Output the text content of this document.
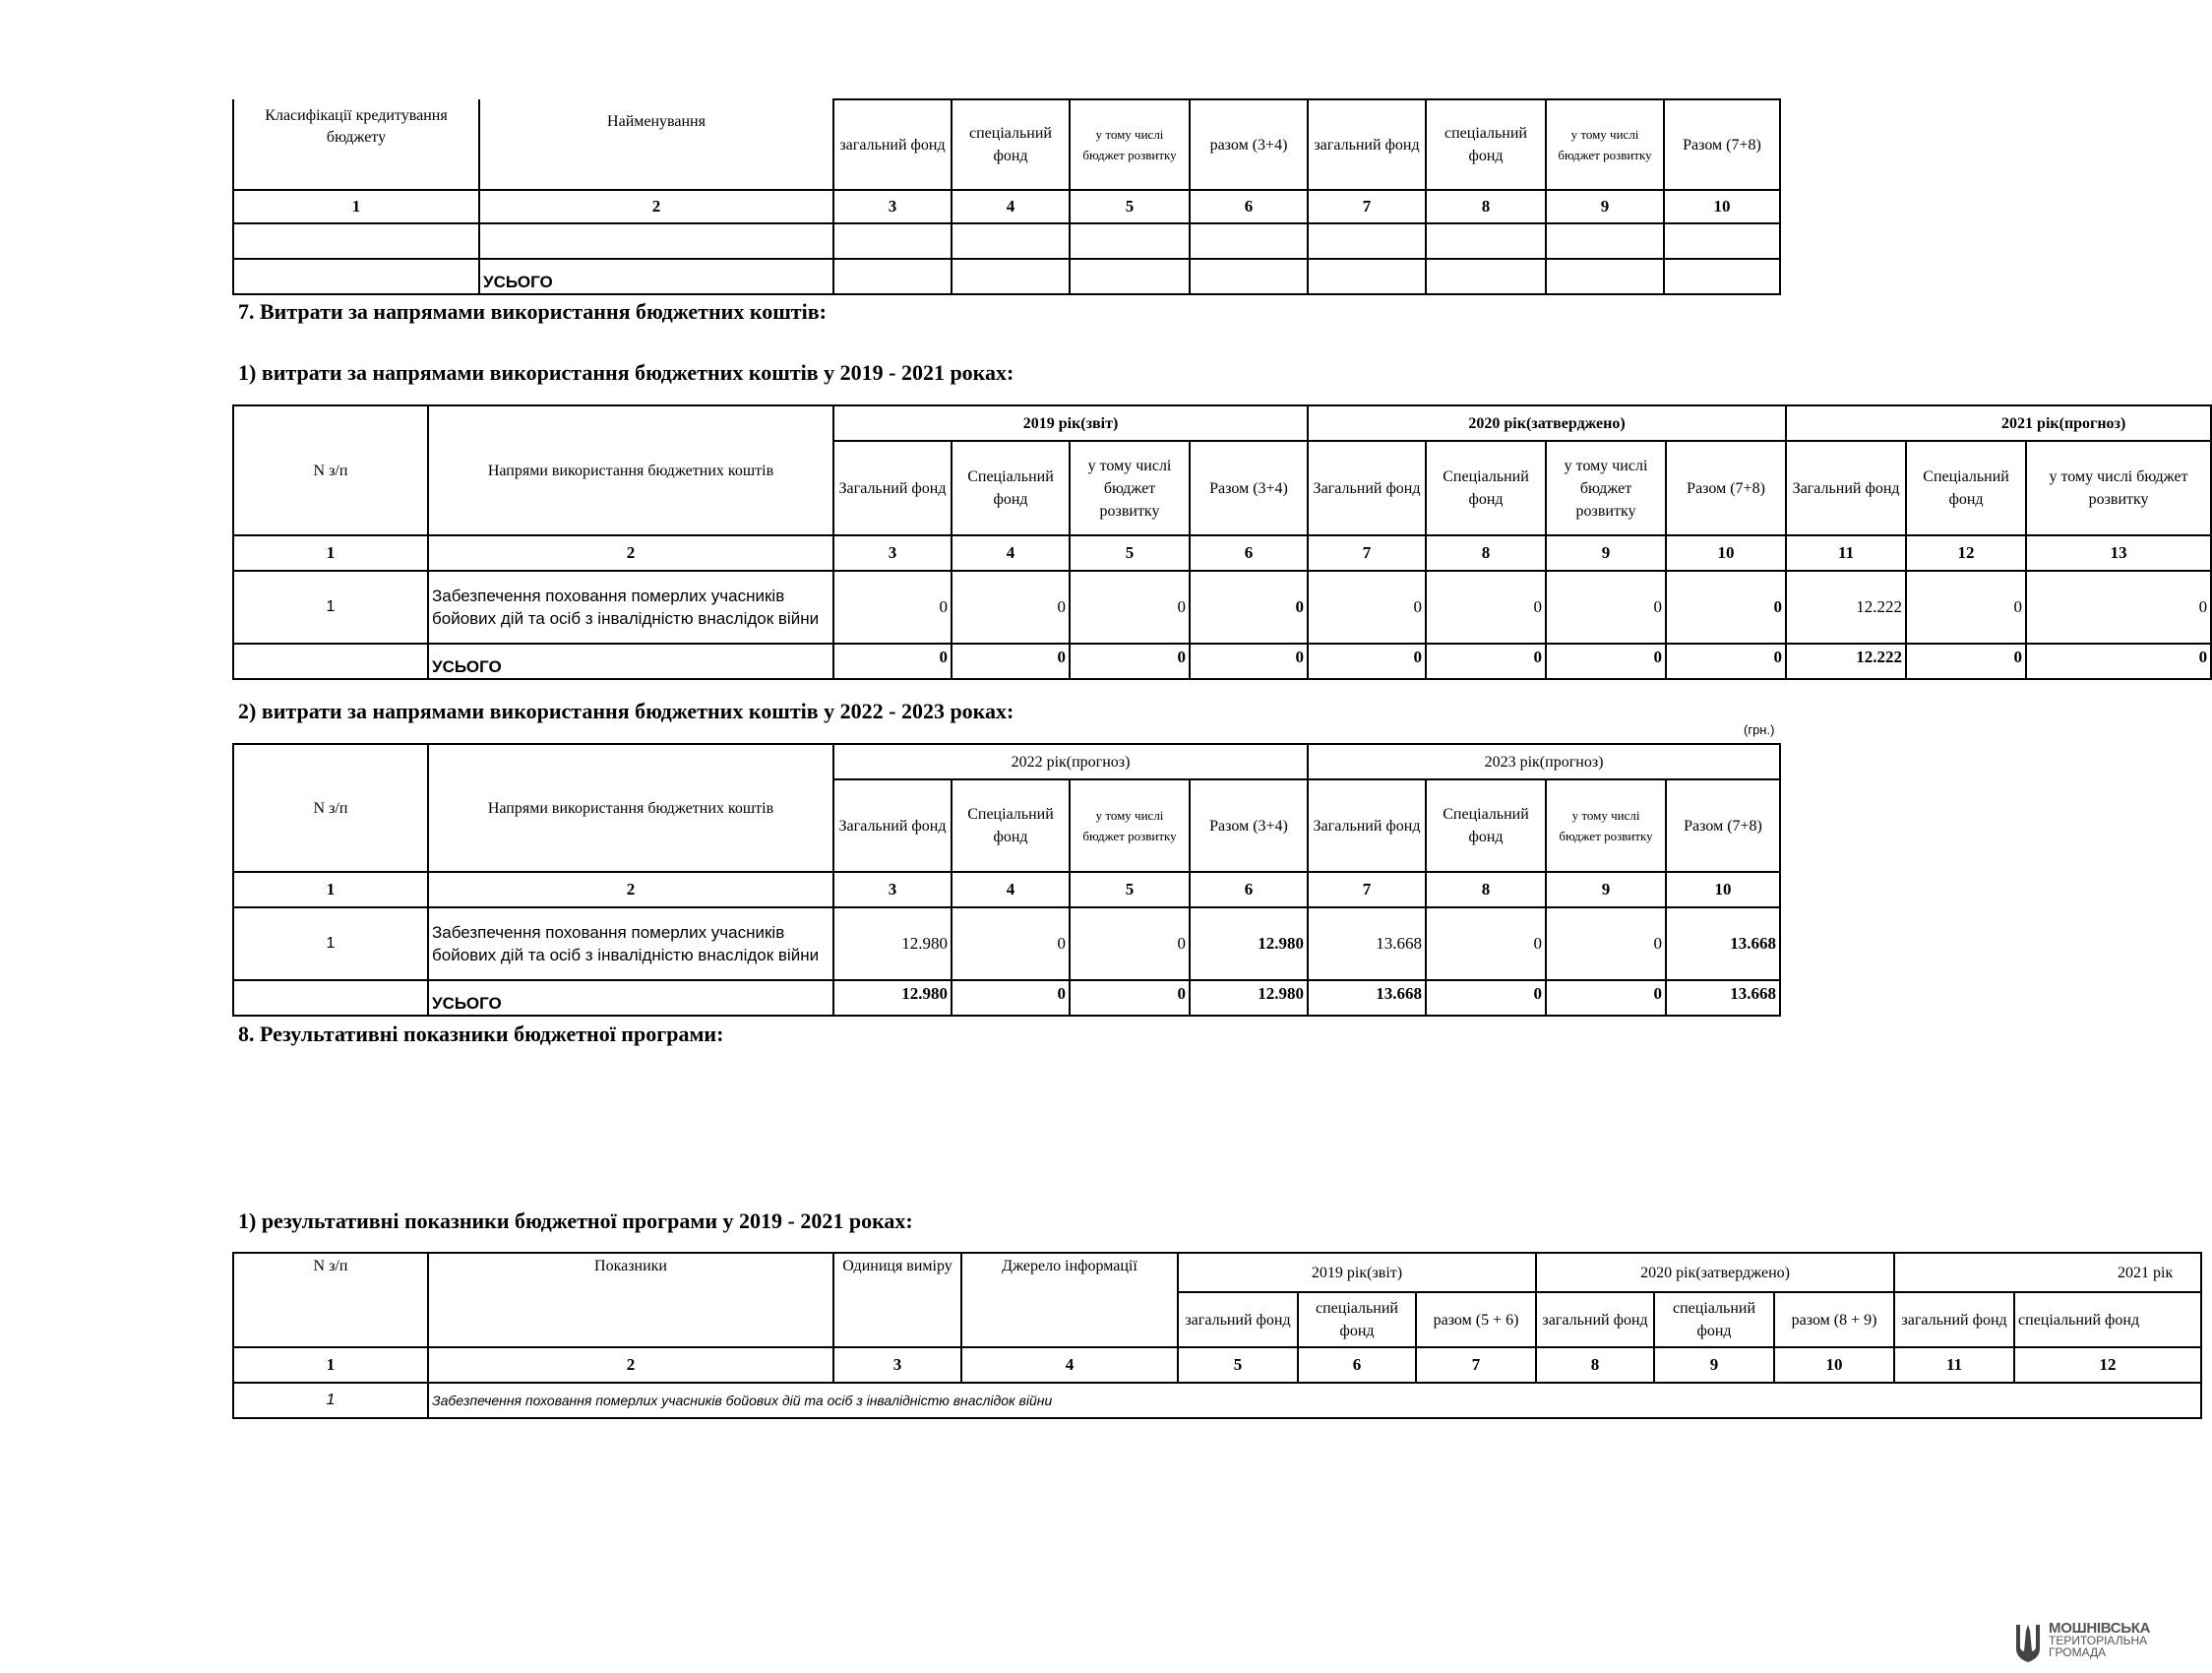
Класифікації кредитування бюджету	Найменування	загальний фонд	спеціальний фонд	у тому числі бюджет розвитку	разом (3+4)	загальний фонд	спеціальний фонд	у тому числі бюджет розвитку	Разом (7+8)
1	2	3	4	5	6	7	8	9	10

	УСЬОГО								
7. Витрати за напрямами використання бюджетних коштів:
1) витрати за напрямами використання бюджетних коштів у 2019 - 2021 роках:
N з/п	Напрями використання бюджетних коштів	2019 рік(звіт)				2020 рік(затверджено)				2021 рік(прогноз)		
		Загальний фонд	Спеціальний фонд	у тому числі бюджет розвитку	Разом (3+4)	Загальний фонд	Спеціальний фонд	у тому числі бюджет розвитку	Разом (7+8)	Загальний фонд	Спеціальний фонд	у тому числі бюджет розвитку
1	2	3	4	5	6	7	8	9	10	11	12	13
1	Забезпечення поховання померлих учасників бойових дій та осіб з інвалідністю внаслідок війни	0	0	0	0	0	0	0	0	12.222	0	0
	УСЬОГО	0	0	0	0	0	0	0	0	12.222	0	0
2) витрати за напрямами використання бюджетних коштів у 2022 - 2023 роках:
(грн.)
N з/п	Напрями використання бюджетних коштів	2022 рік(прогноз)				2023 рік(прогноз)			
		Загальний фонд	Спеціальний фонд	у тому числі бюджет розвитку	Разом (3+4)	Загальний фонд	Спеціальний фонд	у тому числі бюджет розвитку	Разом (7+8)
1	2	3	4	5	6	7	8	9	10
1	Забезпечення поховання померлих учасників бойових дій та осіб з інвалідністю внаслідок війни	12.980	0	0	12.980	13.668	0	0	13.668
	УСЬОГО	12.980	0	0	12.980	13.668	0	0	13.668
8. Результативні показники бюджетної програми:
1) результативні показники бюджетної програми у 2019 - 2021 роках:
N з/п	Показники	Одиниця виміру	Джерело інформації	2019 рік(звіт)			2020 рік(затверджено)			2021 рік	
				загальний фонд	спеціальний фонд	разом (5 + 6)	загальний фонд	спеціальний фонд	разом (8 + 9)	загальний фонд	спеціальний фонд
1	2	3	4	5	6	7	8	9	10	11	12
1	Забезпечення поховання померлих учасників бойових дій та осіб з інвалідністю внаслідок війни										
МОШНІВСЬКА
ТЕРИТОРІАЛЬНА
ГРОМАДА
